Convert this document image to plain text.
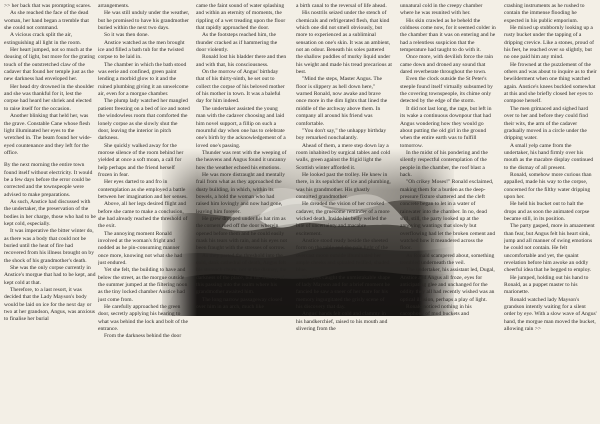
>> her back that was prompting scares.

As she reached the face of the dead woman, her hand began a tremble that she could not command.

A vicious crack split the air, extinguishing all light in the room.

Her heart jumped, not so much at the dousing of light, but more for the grating touch of the outstretched claw of the cadaver that found her temple just as the new darkness had enveloped her.

Her head dry drowned in the shoulder and she was thankful for it, lest the corpse had heard her shriek and elected to raise itself for the occasion.

Another blinking that held her, was the grave. Constable Cane whose flesh light illuminated her eyes to the wretched in. The beam found her wide-eyed countenance and they left for the office.

By the next morning the entire town found itself without electricity. It would be a few days before the error could be corrected and the townspeople were advised to make preparations.

As such, Anstice had discussed with the undertaker, the preservation of the bodies in her charge, those who had to be kept cold, especially.

It was imperative the bitter winter do, as there was a body that could not be buried until the heat of fire had recovered from his illness brought on by the shock of his grandmother's death.

She was the only corpse currently in Anstice's morgue that had to be kept, and kept cold at that.

Therefore, to a last resort, it was decided that the Lady Mayson's body would be laid on ice for the next day or two at her grandson, Angus, was anxious to finalise her burial

arrangements.

He was still unduly under the weather, but he promised to have his grandmother buried within the next two days.

So it was then done.

Anstice watched as the men brought ice and filled a bath tub for the twisted corpse to be laid in.

The chamber in which the bath stood was eerie and confined, green paint lending a morbid glow to it and the ruined plumbing giving it an unwelcome air, even for a morgue chamber.

The plump lady watched her mangled patient freezing on a bed of ice and noted the windowless room that comforted the lonely corpse as she slowly shut the door, leaving the interior in pitch darkness.

She quickly walked away for the morose silence of the room behind her yielded at once a soft moan, a call for help perhaps and the friend herself frozen in fear.

Her eyes darted to and fro in contemplation as she employed a battle between her imagination and her senses.

Above, all her legs desired flight and before she came to make a conclusion, she had already reached the threshold of the exit.

The annoying moment Ronald involved at the woman's fright and nodded as he pin-consuming manner once more, knowing not what she had just endured.

Yet she felt, the building to have and below the street, as the morgue outside the summer jumped at the filtering noon as the tiny locked chamber Anstice had just come from.

He carefully approached the green door, secretly applying his hearing to what was behind the lock and bolt of the entrance.

From the darkness behind the door

came the faint sound of water splashing and within an eternity of moments, the rippling of a wet treading upon the floor that rapidly approached the door.

As the footsteps reached him, the thunder cracked as if hammering the door violently.

Ronald lost his bladder there and then and with that, his consciousness.

On the morrow of Angus' birthday that of his thirty-ninth, he set out to collect the corpse of his beloved mother of his mother in town. It was a baleful day for him indeed.

The undertaker assisted the young man with the cadaver choosing and laid him novel support, a fillip on such a mournful day when one has to celebrate one's birth by the acknowledgement of a loved one's passing.

Thunder was rent with the weeping of the heavens and Angus found it uncanny how the weather echoed his emotions.

He was more distraught and mentally frail from what as they approached the dusty building, in which, within its bowels, a hold the woman who had raised him lovingly and now had gone, leaving him forever.

He grew dropped under his hat rim as the corners rued off the door wherein opened before them and he could easily mask his tears with rain, and his eyes not been fraught with the stresses of sorrow.

As they parted the threshold into the cold, dank cathedral of death, Angus felt his stomach churn, not at the dismay, the darkness of the place, but the finality of this passing into the realm where his grandmother awaited him.

The long narrow passageway closed over him in an arch, much like

a birth canal to the reversal of life ahead.

His nostrils seized under the stench of chemicals and refrigerated flesh, that kind which one did not smell obviously, but more to experienced as a subliminal sensation on one's skin. It was an ambient, not an odour. Beneath his soles pattered the shallow puddles of murky liquid under his weight and made his tread precarious at best.

"Mind the steps, Master Angus. The floor is slippery as hell down here," warned Ronald, now awake and brave once more in the dim lights that lined the middle of the archway above them. In company all around his friend was comfortable.

"You don't say," the unhappy birthday boy remarked nonchalantly.

Ahead of them, a mere step down lay a room inhabited by surgical tables and cold walls, green against the frigid light the Scottish winter afforded it.

He looked past the trolley. He knew in there, in its sepulcher of ice and plumbing, was his grandmother. His ghastly contorted grandmother.

He dreaded the vision of her crooked cadaver, the gruesome reminder of a more wicked death. Inside his belly welled the bile of uncertainty and macabre excitement.

Anstice stood ready beside the sheeted form on the table and the pale light of the overcast moon outside illuminated her ample cheeks and spiraled twilled, shaded blue.

His eyes caught the unmistakable shape of lady Mayson and for a brief moment he fancied he saw a sneer of her stare for his memory ingurgitated the grisly scene of his discovery that day.

Angus' hands felt cold and clammy in his handkerchief, raised to his mouth and slivering from the

unnatural cold in the creepy chamber where he was reunited with her.

His skin crawled as he beheld the coldness come now, for it seemed colder in the chamber than it was on entering and he had a relentless suspicion that the temperature had taught to do with it.

Once more, with devilish force the rain came down and droned any sound that dared reverberate throughout the town.

Even the clock outside the St Peter's steeple found itself virtually subsumed by the covering townspeople, its chime only detected by the edge of the storm.

It did not last long, the rage, but left in its wake a continuous downpour that had Angus wondering how they would go about putting the old girl in the ground when the entire earth was to fulfill tomorrow.

In the midst of his pondering and the silently respectful contemplation of the people in the chamber, the roof blast a hack.

"Oh crikey Moses!" Ronald exclaimed, making them for a burden as the deep-pressure fixture shattered and the cleft concrete began to let in a water of rainwater into the chamber. In no, dead still, still, the party looked up at the annoying wantings that slowly but overflowing had let the broken cement and watched how it meandered across the floor.

As Ronald scampered about, something trembled underneath the veil.

The undertaker, his assistant led, Dugal, Anstice and Angus all froze, eyes for anticipating glee and unchanged for the oddity they all had recently wished was an optical illusion, perhaps a play of light.

Ronald noticed nothing in his cacophony of mud buckets and

crashing instruments as he rushed to contain the immense flooding he expected in his public emporium.

He mixed up stubbornly looking up a rusty bucket under the tapping of a dripping crevice. Like a stones, proud of his feet, he reached over so slightly, but no one paid him any mind.

He frowned at the puzzlement of the others and was about to inquire as to their bewilderment when one thing watched again. Anstice's knees buckled somewhat at this and she briefly closed her eyes to compose herself.

The men grimaced and sighed hard over to her and before they could find their wits, the arm of the cadaver gradually moved in a circle under the dripping water.

A small yelp came from the undertaker, his hand firmly over his mouth as the macabre display continued to the dismay of all present.

Ronald, somehow more curious than appalled, made his way to the corpse, concerned for the filthy water dripping upon her.

He held his bucket out to halt the drops and as soon the animated corpse became still, in its position.

The party gasped, more in amazement than fear, but Angus felt his heart sink, jump and all manner of swing emotions he could not contain. He felt uncomfortable and yet, the quaint revelation before him awoke an oddly cheerful idea that he begged to employ.

He jumped, holding out his hand to Ronald, as a puppet master to his marionette.

Ronald watched lady Mayson's grandson intently waiting for a silent order by eye. With a slow wave of Angus' hand, the morgue man moved the bucket, allowing rain >>
